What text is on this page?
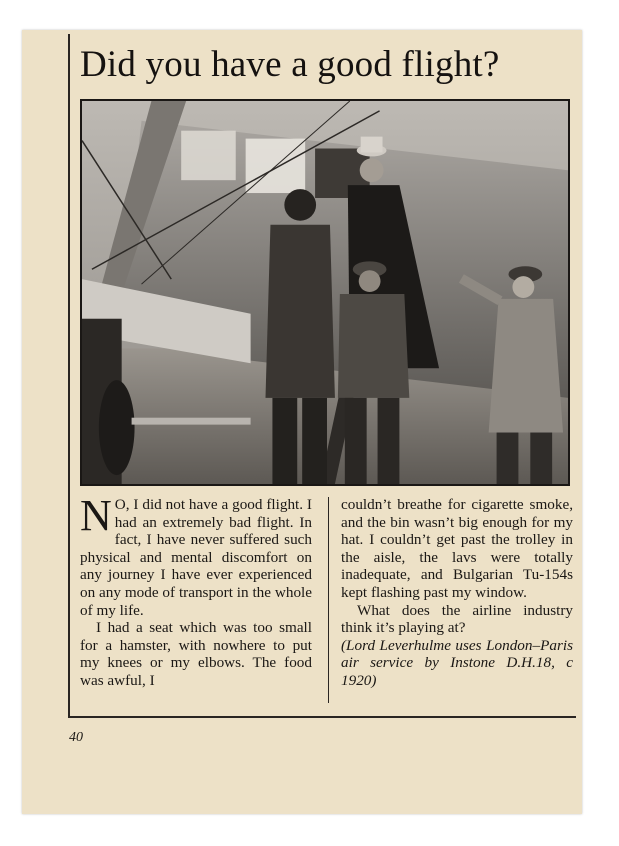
Did you have a good flight?

N O, I did not have a good flight. I had an extremely bad flight. In fact, I have never suffered such physical and mental discomfort on any journey I have ever experienced on any mode of transport in the whole of my life.

I had a seat which was too small for a hamster, with nowhere to put my knees or my elbows. The food was awful, I

couldn’t breathe for cigarette smoke, and the bin wasn’t big enough for my hat. I couldn’t get past the trolley in the aisle, the lavs were totally inadequate, and Bulgarian Tu-154s kept flashing past my window.

What does the airline industry think it’s playing at?

(Lord Leverhulme uses London–Paris air service by Instone D.H.18, c 1920)

40
